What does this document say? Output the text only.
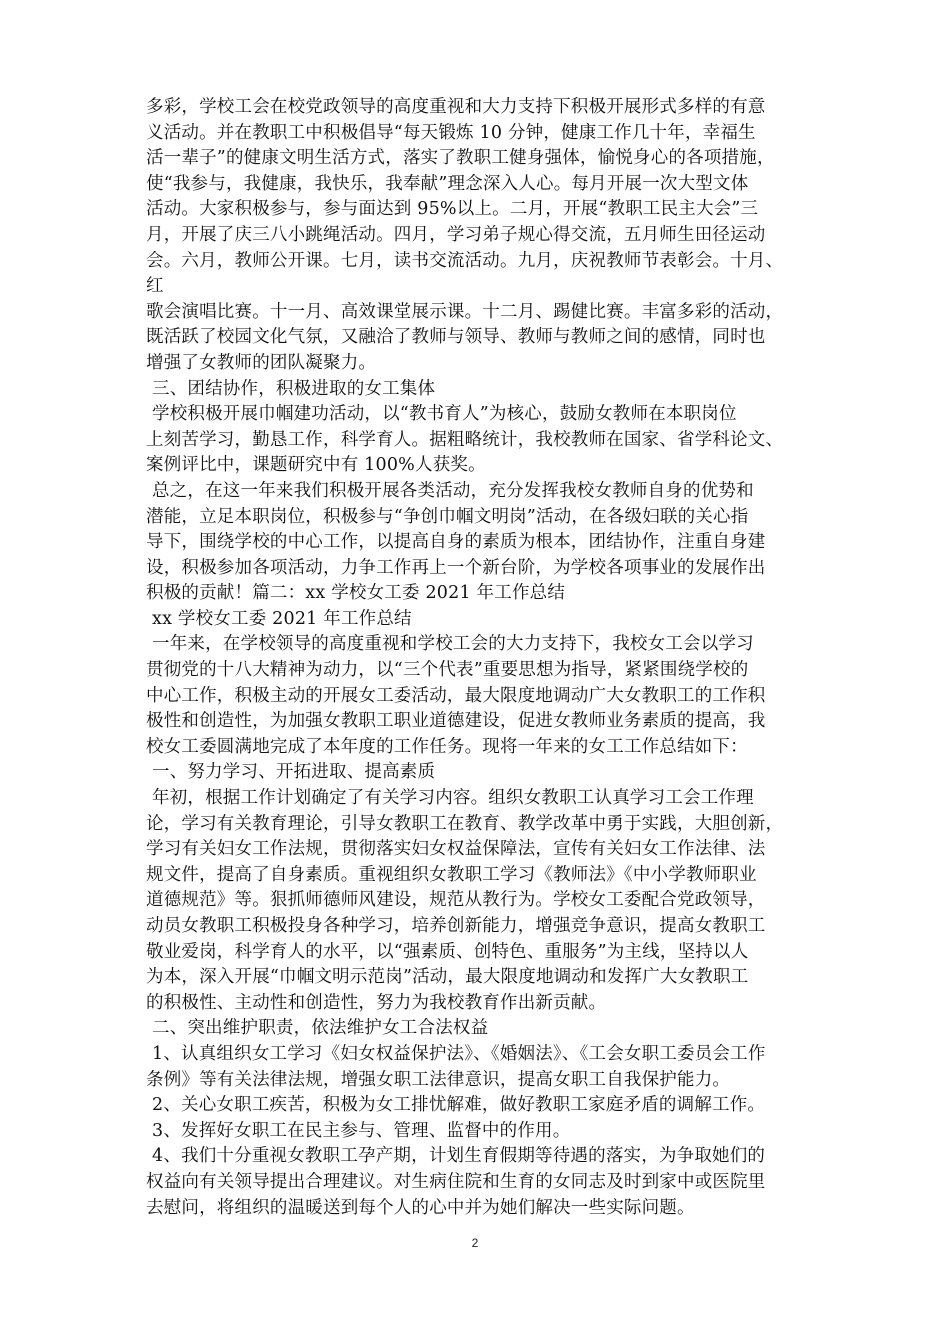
多彩，学校工会在校党政领导的高度重视和大力支持下积极开展形式多样的有意
义活动。并在教职工中积极倡导“每天锻炼 10 分钟，健康工作几十年，幸福生
活一辈子”的健康文明生活方式，落实了教职工健身强体，愉悦身心的各项措施，
使“我参与，我健康，我快乐，我奉献”理念深入人心。每月开展一次大型文体
活动。大家积极参与，参与面达到 95%以上。二月，开展“教职工民主大会”三
月，开展了庆三八小跳绳活动。四月，学习弟子规心得交流，五月师生田径运动
会。六月，教师公开课。七月，读书交流活动。九月，庆祝教师节表彰会。十月、
红
歌会演唱比赛。十一月、高效课堂展示课。十二月、踢健比赛。丰富多彩的活动，
既活跃了校园文化气氛，又融洽了教师与领导、教师与教师之间的感情，同时也
增强了女教师的团队凝聚力。
三、团结协作，积极进取的女工集体
学校积极开展巾帼建功活动，以“教书育人”为核心，鼓励女教师在本职岗位
上刻苦学习，勤恳工作，科学育人。据粗略统计，我校教师在国家、省学科论文、
案例评比中，课题研究中有 100%人获奖。
总之，在这一年来我们积极开展各类活动，充分发挥我校女教师自身的优势和
潜能，立足本职岗位，积极参与“争创巾帼文明岗”活动，在各级妇联的关心指
导下，围绕学校的中心工作，以提高自身的素质为根本，团结协作，注重自身建
设，积极参加各项活动，力争工作再上一个新台阶，为学校各项事业的发展作出
积极的贡献！篇二：xx 学校女工委 2021 年工作总结
xx 学校女工委 2021 年工作总结
一年来，在学校领导的高度重视和学校工会的大力支持下，我校女工会以学习
贯彻党的十八大精神为动力，以“三个代表”重要思想为指导，紧紧围绕学校的
中心工作，积极主动的开展女工委活动，最大限度地调动广大女教职工的工作积
极性和创造性，为加强女教职工职业道德建设，促进女教师业务素质的提高，我
校女工委圆满地完成了本年度的工作任务。现将一年来的女工工作总结如下：
一、努力学习、开拓进取、提高素质
年初，根据工作计划确定了有关学习内容。组织女教职工认真学习工会工作理
论，学习有关教育理论，引导女教职工在教育、教学改革中勇于实践，大胆创新，
学习有关妇女工作法规，贯彻落实妇女权益保障法，宣传有关妇女工作法律、法
规文件，提高了自身素质。重视组织女教职工学习《教师法》《中小学教师职业
道德规范》等。狠抓师德师风建设，规范从教行为。学校女工委配合党政领导，
动员女教职工积极投身各种学习，培养创新能力，增强竞争意识，提高女教职工
敬业爱岗，科学育人的水平，以“强素质、创特色、重服务”为主线，坚持以人
为本，深入开展“巾帼文明示范岗”活动，最大限度地调动和发挥广大女教职工
的积极性、主动性和创造性，努力为我校教育作出新贡献。
二、突出维护职责，依法维护女工合法权益
1、认真组织女工学习《妇女权益保护法》、《婚姻法》、《工会女职工委员会工作
条例》等有关法律法规，增强女职工法律意识，提高女职工自我保护能力。
2、关心女职工疾苦，积极为女工排忧解难，做好教职工家庭矛盾的调解工作。
3、发挥好女职工在民主参与、管理、监督中的作用。
4、我们十分重视女教职工孕产期，计划生育假期等待遇的落实，为争取她们的
权益向有关领导提出合理建议。对生病住院和生育的女同志及时到家中或医院里
去慰问，将组织的温暖送到每个人的心中并为她们解决一些实际问题。
2
